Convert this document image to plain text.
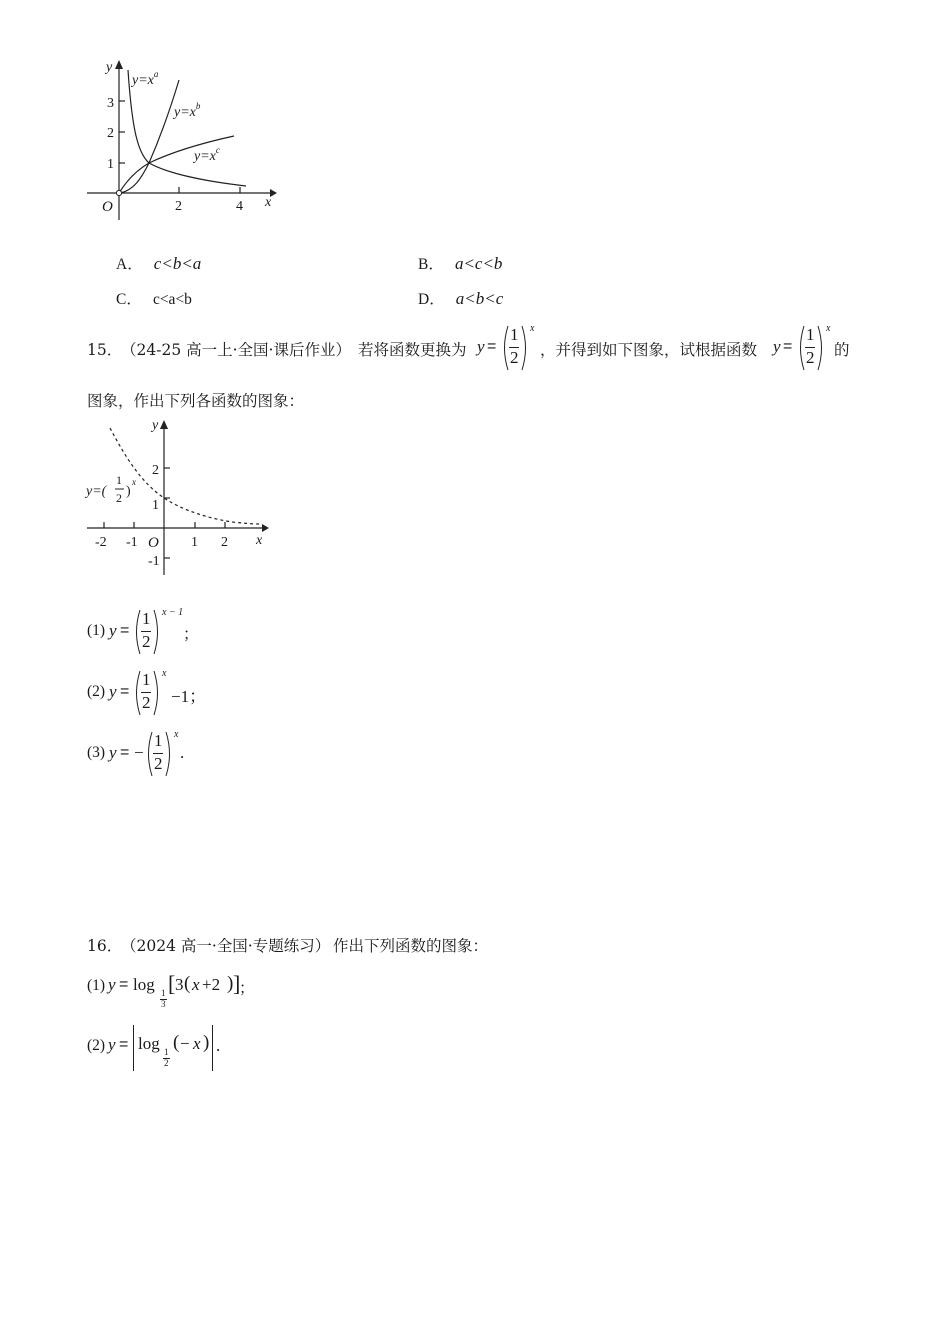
y
x
O
1
2
3
2	4
$y=x^a$
$y=x^b$
$y=x^c$
A． c<b<a	B． a<c<b
C． c<a<b	D． a<b<c
15．
（24-25 高一上·全国·课后作业） 若将函数更换为 y =
1
2
x
，并得到如下图象，试根据函数 y =
1
2
x
的
图象，作出下列各函数的图象：
y
x
O
2
1
-1
-2 -1	1 2
y=(
1
2 )
x
(1) y =
1
2
x − 1
；
(2) y =
1
2
x
−1；
(3) y = −
1
2
x
.
16．
（2024 高一·全国·专题练习） 作出下列函数的图象：
(1) y = log 1
3
[ 3 ( x +2 ) ]
；
(2) y = log 1
2
( − x ) .
